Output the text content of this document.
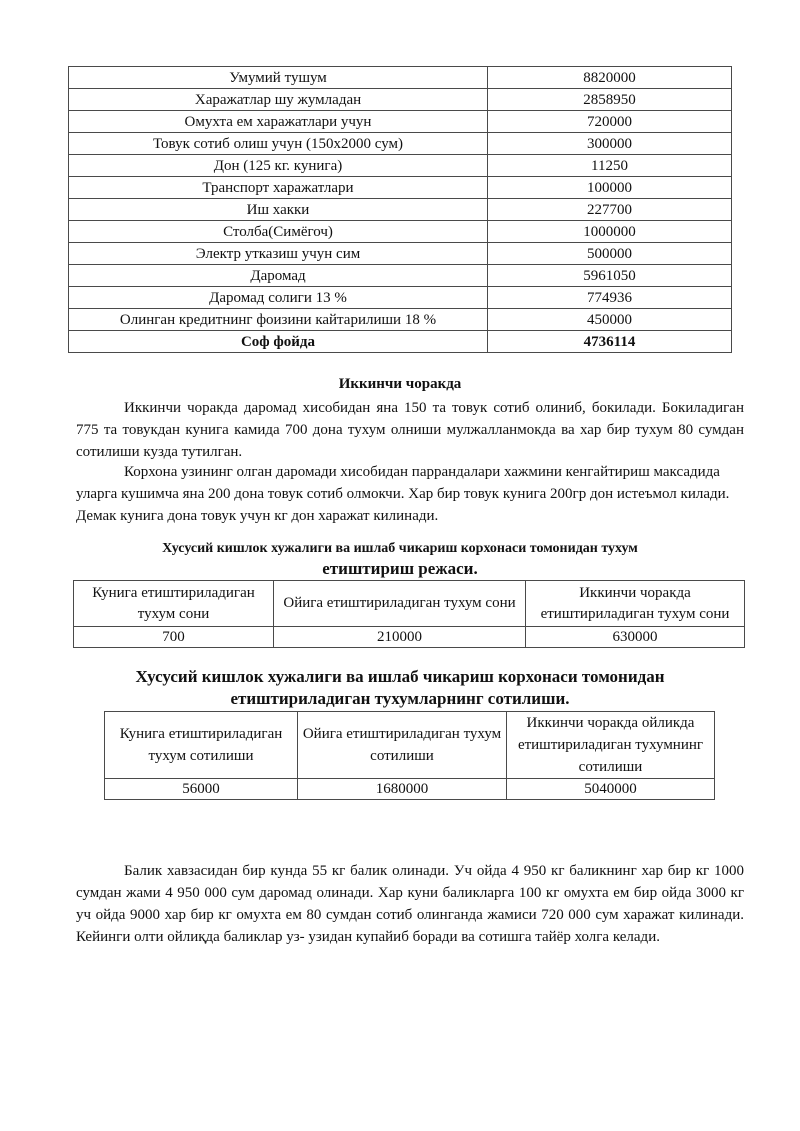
Умумий тушум	8820000
Харажатлар шу жумладан	2858950
Омухта ем харажатлари учун	720000
Товук сотиб олиш учун (150x2000 сум)	300000
Дон (125 кг. кунига)	11250
Транспорт харажатлари	100000
Иш хакки	227700
Столба(Симёгоч)	1000000
Электр утказиш учун сим	500000
Даромад	5961050
Даромад солиги 13 %	774936
Олинган кредитнинг фоизини кайтарилиши 18 %	450000
Соф фойда	4736114
Иккинчи чоракда

Иккинчи чоракда даромад хисобидан яна 150 та товук сотиб олиниб, бокилади. Бокиладиган 775 та товукдан кунига камида 700 дона тухум олниши мулжалланмокда ва хар бир тухум 80 сумдан сотилиши кузда тутилган.

Корхона узининг олган даромади хисобидан паррандалари хажмини кенгайтириш максадида уларга кушимча яна 200 дона товук сотиб олмокчи. Хар бир товук кунига 200гр дон истеъмол килади. Демак кунига дона товук учун кг дон харажат килинади.

Хусусий кишлок хужалиги ва ишлаб чикариш корхонаси томонидан тухум
етиштириш режаси.
Кунига етиштириладиган тухум сони	Ойига етиштириладиган тухум сони	Иккинчи чоракда етиштириладиган тухум сони
700	210000	630000
Хусусий кишлок хужалиги ва ишлаб чикариш корхонаси томонидан
етиштириладиган тухумларнинг сотилиши.
Кунига етиштириладиган тухум сотилиши	Ойига етиштириладиган тухум сотилиши	Иккинчи чоракда ойликда етиштириладиган тухумнинг сотилиши
56000	1680000	5040000

Балик хавзасидан бир кунда 55 кг балик олинади. Уч ойда 4 950 кг баликнинг хар бир кг 1000 сумдан жами 4 950 000 сум даромад олинади. Хар куни баликларга 100 кг омухта ем бир ойда 3000 кг уч ойда 9000 хар бир кг омухта ем 80 сумдан сотиб олинганда жамиси 720 000 сум харажат килинади. Кейинги олти ойлиқда баликлар уз- узидан купайиб боради ва сотишга тайёр холга келади.
